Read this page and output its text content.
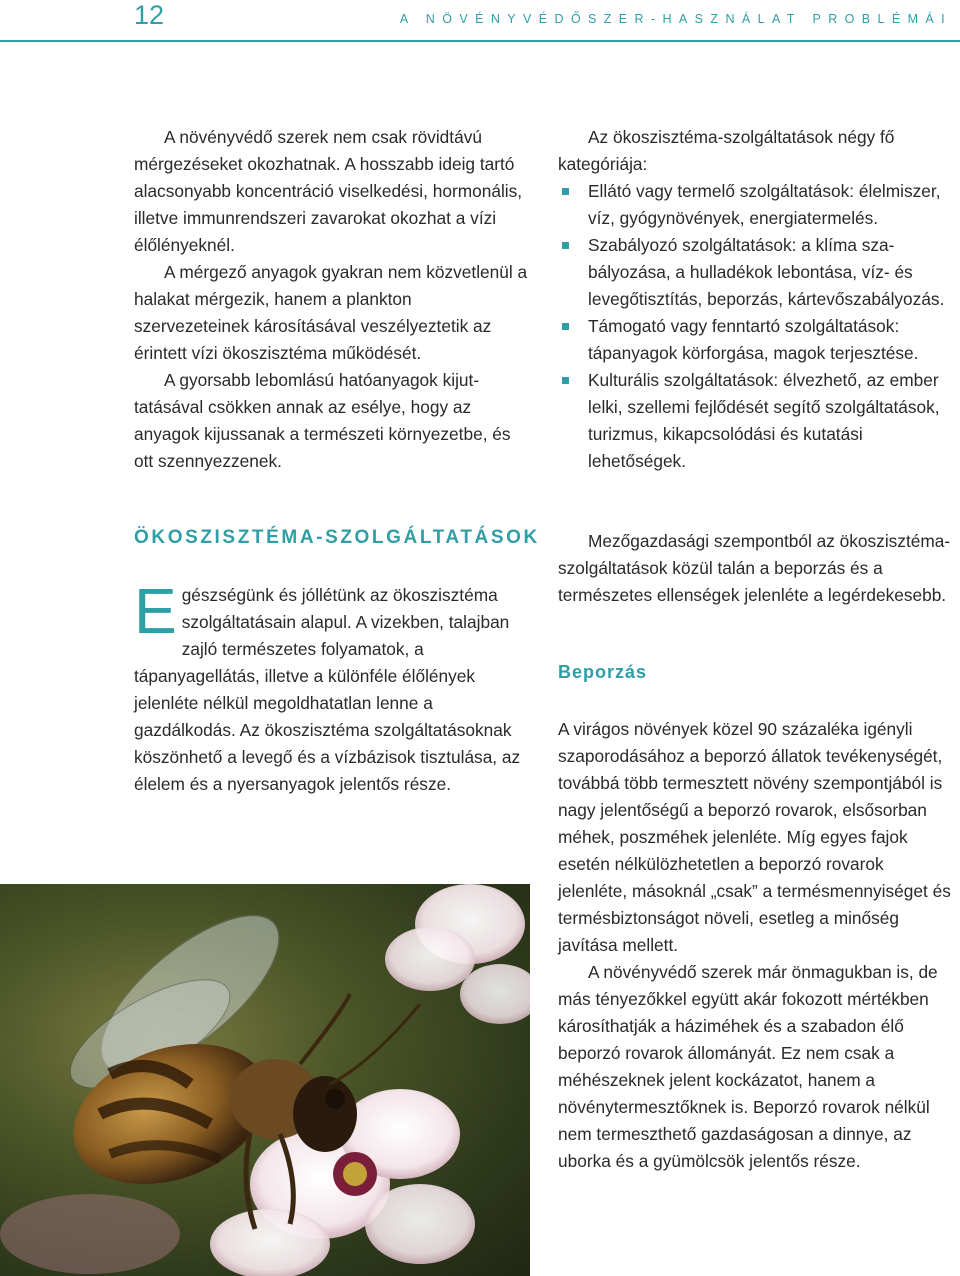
12	A NÖVÉNYVÉDŐSZER-HASZNÁLAT PROBLÉMÁI

A növényvédő szerek nem csak rövidtávú mérgezéseket okozhatnak. A hosszabb ideig tartó alacsonyabb koncentráció viselkedési, hormonális, illetve immunrendszeri zavarokat okozhat a vízi élőlényeknél.

A mérgező anyagok gyakran nem közvetlenül a halakat mérgezik, hanem a plankton szervezeteinek károsításával veszélyeztetik az érintett vízi ökoszisztéma működését.

A gyorsabb lebomlású hatóanyagok kijuttatásával csökken annak az esélye, hogy az anyagok kijussanak a természeti környezetbe, és ott szennyezzenek.

ÖKOSZISZTÉMA-SZOLGÁLTATÁSOK
E gészségünk és jóllétünk az ökoszisztéma szolgáltatásain alapul. A vizekben, talajban zajló természetes folyamatok, a tápanyagellátás, illetve a különféle élőlények jelenléte nélkül megoldhatatlan lenne a gazdálkodás. Az ökoszisztéma szolgáltatásoknak köszönhető a levegő és a vízbázisok tisztulása, az élelem és a nyersanyagok jelentős része.

Az ökoszisztéma-szolgáltatások négy fő kategóriája:

Ellátó vagy termelő szolgáltatások: élelmiszer, víz, gyógynövények, energiatermelés.
Szabályozó szolgáltatások: a klíma szabályozása, a hulladékok lebontása, víz- és levegőtisztítás, beporzás, kártevőszabályozás.
Támogató vagy fenntartó szolgáltatások: tápanyagok körforgása, magok terjesztése.
Kulturális szolgáltatások: élvezhető, az ember lelki, szellemi fejlődését segítő szolgáltatások, turizmus, kikapcsolódási és kutatási lehetőségek.

Mezőgazdasági szempontból az ökoszisztéma-szolgáltatások közül talán a beporzás és a természetes ellenségek jelenléte a legérdekesebb.

Beporzás

A virágos növények közel 90 százaléka igényli szaporodásához a beporzó állatok tevékenységét, továbbá több termesztett növény szempontjából is nagy jelentőségű a beporzó rovarok, elsősorban méhek, poszméhek jelenléte. Míg egyes fajok esetén nélkülözhetetlen a beporzó rovarok jelenléte, másoknál „csak” a termésmennyiséget és termésbiztonságot növeli, esetleg a minőség javítása mellett.

A növényvédő szerek már önmagukban is, de más tényezőkkel együtt akár fokozott mértékben károsíthatják a háziméhek és a szabadon élő beporzó rovarok állományát. Ez nem csak a méhészeknek jelent kockázatot, hanem a növénytermesztőknek is. Beporzó rovarok nélkül nem termeszthető gazdaságosan a dinnye, az uborka és a gyümölcsök jelentős része.
